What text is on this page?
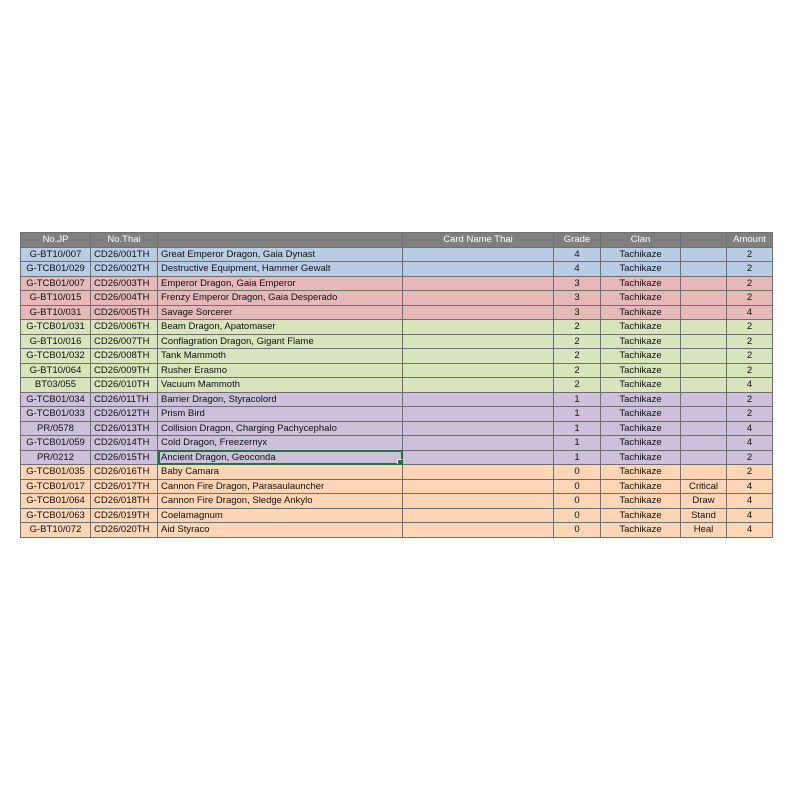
No.JP	No.Thai		Card Name Thai	Grade	Clan		Amount
G-BT10/007	CD26/001TH	Great Emperor Dragon, Gaia Dynast		4	Tachikaze		2
G-TCB01/029	CD26/002TH	Destructive Equipment, Hammer Gewalt		4	Tachikaze		2
G-TCB01/007	CD26/003TH	Emperor Dragon, Gaia Emperor		3	Tachikaze		2
G-BT10/015	CD26/004TH	Frenzy Emperor Dragon, Gaia Desperado		3	Tachikaze		2
G-BT10/031	CD26/005TH	Savage Sorcerer		3	Tachikaze		4
G-TCB01/031	CD26/006TH	Beam Dragon, Apatomaser		2	Tachikaze		2
G-BT10/016	CD26/007TH	Conflagration Dragon, Gigant Flame		2	Tachikaze		2
G-TCB01/032	CD26/008TH	Tank Mammoth		2	Tachikaze		2
G-BT10/064	CD26/009TH	Rusher Erasmo		2	Tachikaze		2
BT03/055	CD26/010TH	Vacuum Mammoth		2	Tachikaze		4
G-TCB01/034	CD26/011TH	Barrier Dragon, Styracolord		1	Tachikaze		2
G-TCB01/033	CD26/012TH	Prism Bird		1	Tachikaze		2
PR/0578	CD26/013TH	Collision Dragon, Charging Pachycephalo		1	Tachikaze		4
G-TCB01/059	CD26/014TH	Cold Dragon, Freezernyx		1	Tachikaze		4
PR/0212	CD26/015TH	Ancient Dragon, Geoconda		1	Tachikaze		2
G-TCB01/035	CD26/016TH	Baby Camara		0	Tachikaze		2
G-TCB01/017	CD26/017TH	Cannon Fire Dragon, Parasaulauncher		0	Tachikaze	Critical	4
G-TCB01/064	CD26/018TH	Cannon Fire Dragon, Sledge Ankylo		0	Tachikaze	Draw	4
G-TCB01/063	CD26/019TH	Coelamagnum		0	Tachikaze	Stand	4
G-BT10/072	CD26/020TH	Aid Styraco		0	Tachikaze	Heal	4
